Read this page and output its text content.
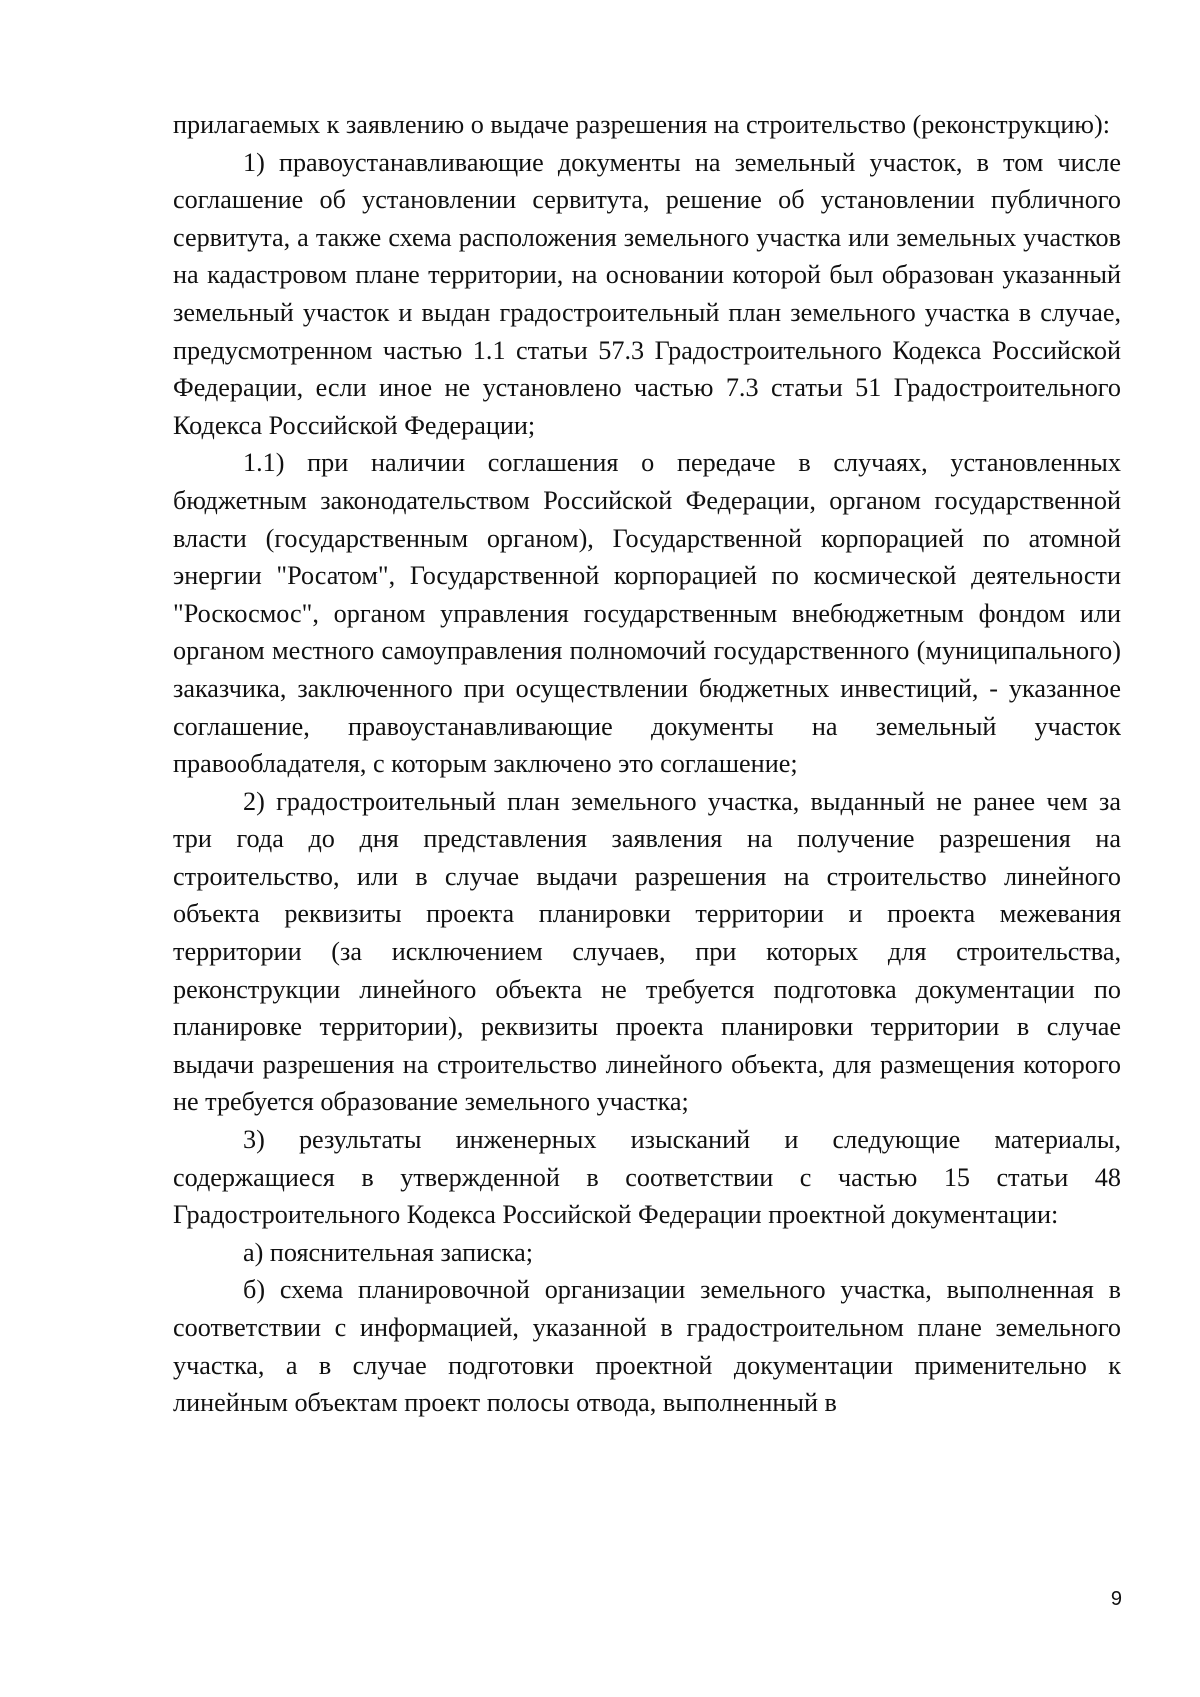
прилагаемых к заявлению о выдаче разрешения на строительство (реконструкцию):

1) правоустанавливающие документы на земельный участок, в том числе соглашение об установлении сервитута, решение об установлении публичного сервитута, а также схема расположения земельного участка или земельных участков на кадастровом плане территории, на основании которой был образован указанный земельный участок и выдан градостроительный план земельного участка в случае, предусмотренном частью 1.1 статьи 57.3 Градостроительного Кодекса Российской Федерации, если иное не установлено частью 7.3 статьи 51 Градостроительного Кодекса Российской Федерации;

1.1) при наличии соглашения о передаче в случаях, установленных бюджетным законодательством Российской Федерации, органом государственной власти (государственным органом), Государственной корпорацией по атомной энергии "Росатом", Государственной корпорацией по космической деятельности "Роскосмос", органом управления государственным внебюджетным фондом или органом местного самоуправления полномочий государственного (муниципального) заказчика, заключенного при осуществлении бюджетных инвестиций, - указанное соглашение, правоустанавливающие документы на земельный участок правообладателя, с которым заключено это соглашение;

2) градостроительный план земельного участка, выданный не ранее чем за три года до дня представления заявления на получение разрешения на строительство, или в случае выдачи разрешения на строительство линейного объекта реквизиты проекта планировки территории и проекта межевания территории (за исключением случаев, при которых для строительства, реконструкции линейного объекта не требуется подготовка документации по планировке территории), реквизиты проекта планировки территории в случае выдачи разрешения на строительство линейного объекта, для размещения которого не требуется образование земельного участка;

3) результаты инженерных изысканий и следующие материалы, содержащиеся в утвержденной в соответствии с частью 15 статьи 48 Градостроительного Кодекса Российской Федерации проектной документации:

а) пояснительная записка;

б) схема планировочной организации земельного участка, выполненная в соответствии с информацией, указанной в градостроительном плане земельного участка, а в случае подготовки проектной документации применительно к линейным объектам проект полосы отвода, выполненный в

9
